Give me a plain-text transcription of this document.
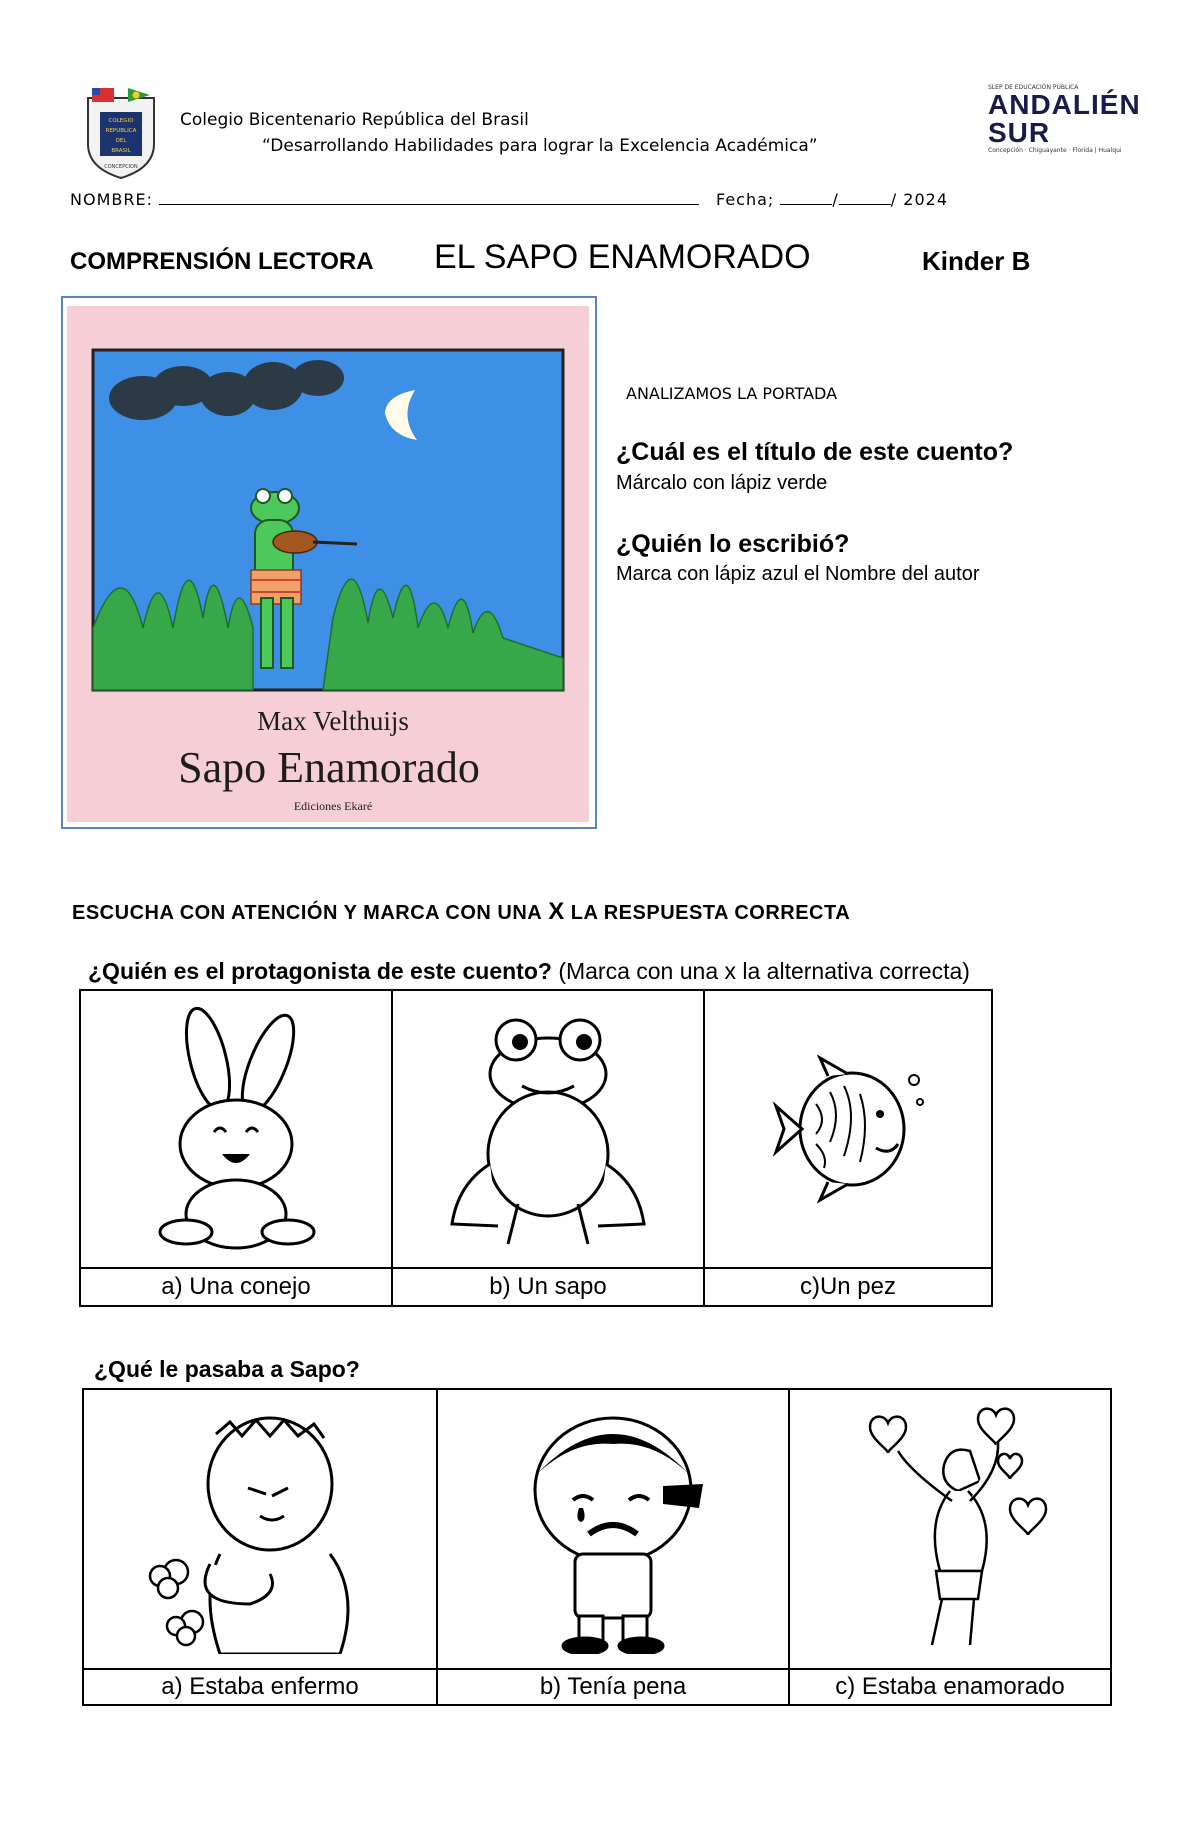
COLEGIO
REPUBLICA
DEL
BRASIL
CONCEPCION
Colegio Bicentenario República del Brasil
“Desarrollando Habilidades para lograr la Excelencia Académica”
SLEP DE EDUCACIÓN PÚBLICA
ANDALIÉN
SUR
Concepción · Chiguayante · Florida | Hualqui
NOMBRE:	Fecha;	/	/ 2024
COMPRENSIÓN LECTORA EL SAPO ENAMORADO	Kinder B
Max Velthuijs
Sapo Enamorado
Ediciones Ekaré
ANALIZAMOS LA PORTADA
¿Cuál es el título de este cuento?
Márcalo con lápiz verde
¿Quién lo escribió?
Marca con lápiz azul el Nombre del autor
ESCUCHA CON ATENCIÓN Y MARCA CON UNA X LA RESPUESTA CORRECTA
¿Quién es el protagonista de este cuento? (Marca con una x la alternativa correcta)

a) Una conejo	b) Un sapo	c)Un pez
¿Qué le pasaba a Sapo?

a) Estaba enfermo	b) Tenía pena	c) Estaba enamorado
